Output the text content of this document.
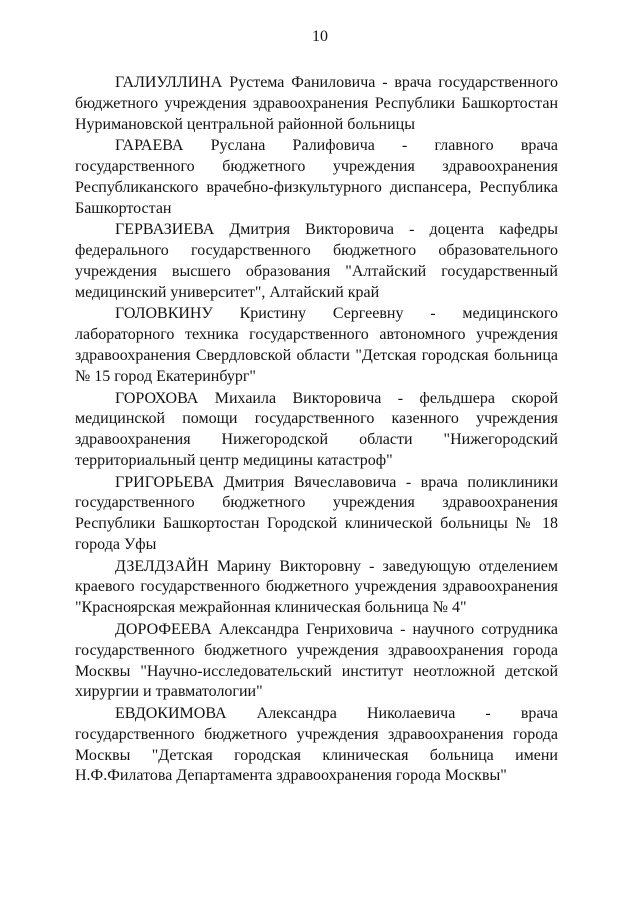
10

ГАЛИУЛЛИНА Рустема Фаниловича - врача государственного бюджетного учреждения здравоохранения Республики Башкортостан Нуримановской центральной районной больницы

ГАРАЕВА Руслана Ралифовича - главного врача государственного бюджетного учреждения здравоохранения Республиканского врачебно-физкультурного диспансера, Республика Башкортостан

ГЕРВАЗИЕВА Дмитрия Викторовича - доцента кафедры федерального государственного бюджетного образовательного учреждения высшего образования "Алтайский государственный медицинский университет", Алтайский край

ГОЛОВКИНУ Кристину Сергеевну - медицинского лабораторного техника государственного автономного учреждения здравоохранения Свердловской области "Детская городская больница № 15 город Екатеринбург"

ГОРОХОВА Михаила Викторовича - фельдшера скорой медицинской помощи государственного казенного учреждения здравоохранения Нижегородской области "Нижегородский территориальный центр медицины катастроф"

ГРИГОРЬЕВА Дмитрия Вячеславовича - врача поликлиники государственного бюджетного учреждения здравоохранения Республики Башкортостан Городской клинической больницы № 18 города Уфы

ДЗЕЛДЗАЙН Марину Викторовну - заведующую отделением краевого государственного бюджетного учреждения здравоохранения "Красноярская межрайонная клиническая больница № 4"

ДОРОФЕЕВА Александра Генриховича - научного сотрудника государственного бюджетного учреждения здравоохранения города Москвы "Научно-исследовательский институт неотложной детской хирургии и травматологии"

ЕВДОКИМОВА Александра Николаевича - врача государственного бюджетного учреждения здравоохранения города Москвы "Детская городская клиническая больница имени Н.Ф.Филатова Департамента здравоохранения города Москвы"
